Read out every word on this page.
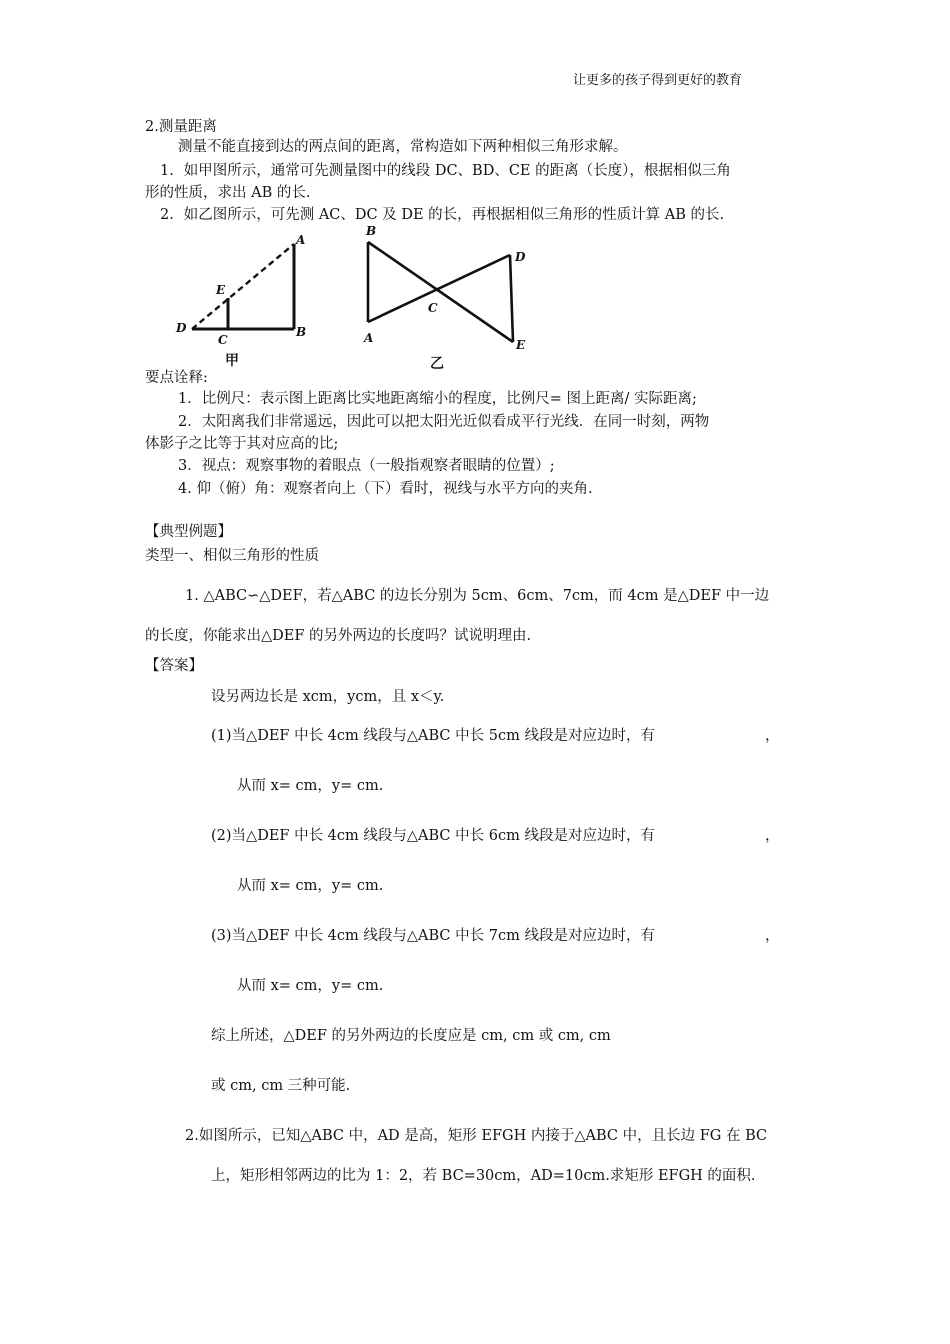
让更多的孩子得到更好的教育
2.测量距离
测量不能直接到达的两点间的距离，常构造如下两种相似三角形求解。
1．如甲图所示，通常可先测量图中的线段 DC、BD、CE 的距离（长度），根据相似三角
形的性质，求出 AB 的长.
2．如乙图所示，可先测 AC、DC 及 DE 的长，再根据相似三角形的性质计算 AB 的长.
A
B
C
D
E
甲
B
A
C
D
E
乙
要点诠释:
1．比例尺：表示图上距离比实地距离缩小的程度，比例尺= 图上距离/ 实际距离;
2．太阳离我们非常遥远，因此可以把太阳光近似看成平行光线．在同一时刻，两物
体影子之比等于其对应高的比;
3．视点：观察事物的着眼点（一般指观察者眼睛的位置）;
4. 仰（俯）角：观察者向上（下）看时，视线与水平方向的夹角.
【典型例题】
类型一、相似三角形的性质
1. △ABC∽△DEF，若△ABC 的边长分别为 5cm、6cm、7cm，而 4cm 是△DEF 中一边
的长度，你能求出△DEF 的另外两边的长度吗？试说明理由.
【答案】
设另两边长是 xcm，ycm，且 x＜y.
(1)当△DEF 中长 4cm 线段与△ABC 中长 5cm 线段是对应边时，有	，
从而 x= cm，y= cm.
(2)当△DEF 中长 4cm 线段与△ABC 中长 6cm 线段是对应边时，有	，
从而 x= cm，y= cm.
(3)当△DEF 中长 4cm 线段与△ABC 中长 7cm 线段是对应边时，有	，
从而 x= cm，y= cm.
综上所述，△DEF 的另外两边的长度应是 cm, cm 或 cm, cm
或 cm, cm 三种可能.
2.如图所示，已知△ABC 中，AD 是高，矩形 EFGH 内接于△ABC 中，且长边 FG 在 BC
上，矩形相邻两边的比为 1：2，若 BC=30cm，AD=10cm.求矩形 EFGH 的面积.
